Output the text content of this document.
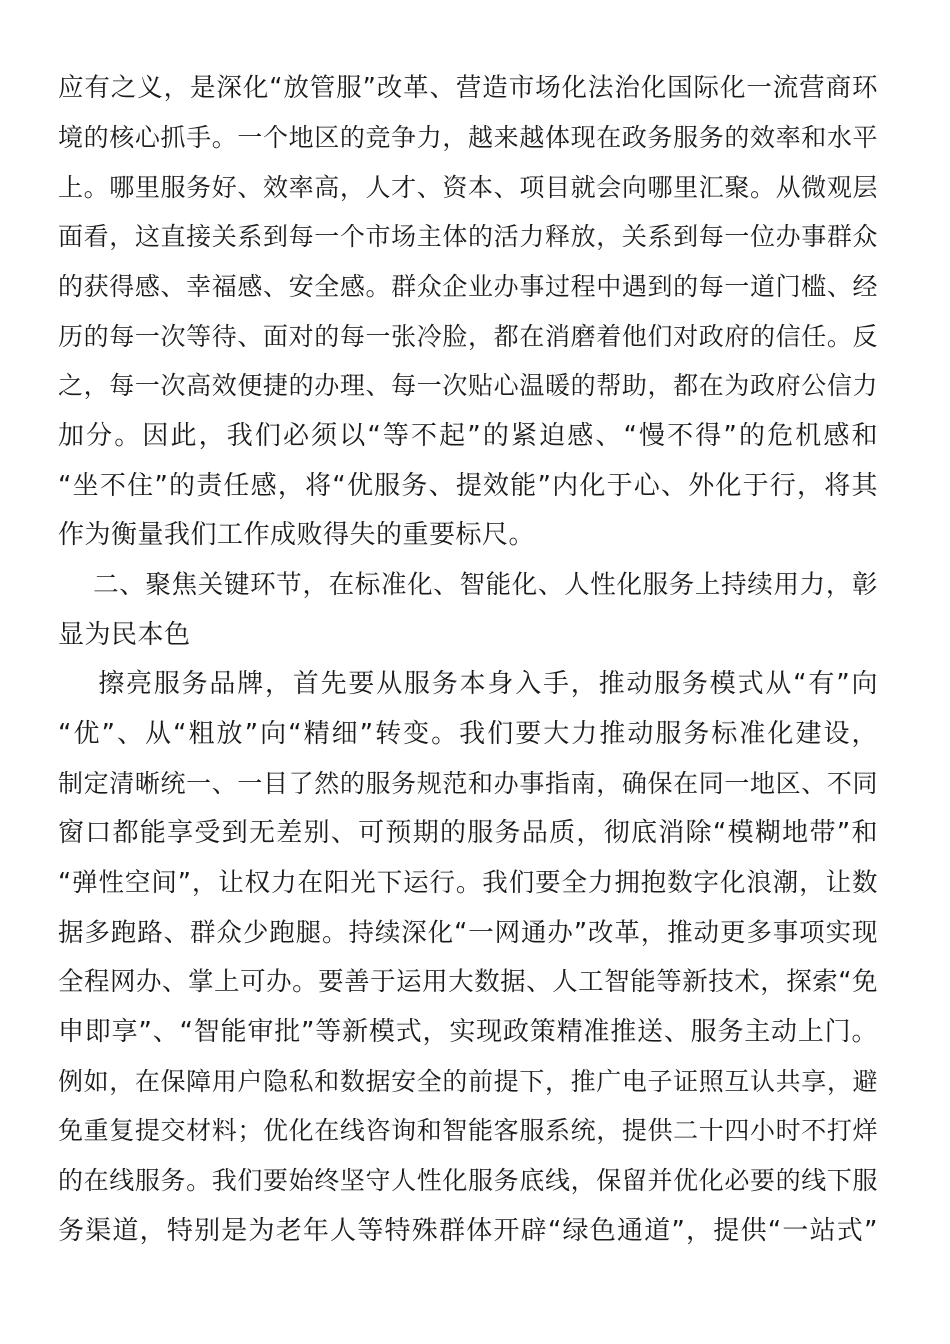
应有之义，是深化“放管服”改革、营造市场化法治化国际化一流营商环
境的核心抓手。一个地区的竞争力，越来越体现在政务服务的效率和水平
上。哪里服务好、效率高，人才、资本、项目就会向哪里汇聚。从微观层
面看，这直接关系到每一个市场主体的活力释放，关系到每一位办事群众
的获得感、幸福感、安全感。群众企业办事过程中遇到的每一道门槛、经
历的每一次等待、面对的每一张冷脸，都在消磨着他们对政府的信任。反
之，每一次高效便捷的办理、每一次贴心温暖的帮助，都在为政府公信力
加分。因此，我们必须以“等不起”的紧迫感、“慢不得”的危机感和
“坐不住”的责任感，将“优服务、提效能”内化于心、外化于行，将其
作为衡量我们工作成败得失的重要标尺。
二、聚焦关键环节，在标准化、智能化、人性化服务上持续用力，彰
显为民本色
擦亮服务品牌，首先要从服务本身入手，推动服务模式从“有”向
“优”、从“粗放”向“精细”转变。我们要大力推动服务标准化建设，
制定清晰统一、一目了然的服务规范和办事指南，确保在同一地区、不同
窗口都能享受到无差别、可预期的服务品质，彻底消除“模糊地带”和
“弹性空间”，让权力在阳光下运行。我们要全力拥抱数字化浪潮，让数
据多跑路、群众少跑腿。持续深化“一网通办”改革，推动更多事项实现
全程网办、掌上可办。要善于运用大数据、人工智能等新技术，探索“免
申即享”、“智能审批”等新模式，实现政策精准推送、服务主动上门。
例如，在保障用户隐私和数据安全的前提下，推广电子证照互认共享，避
免重复提交材料；优化在线咨询和智能客服系统，提供二十四小时不打烊
的在线服务。我们要始终坚守人性化服务底线，保留并优化必要的线下服
务渠道，特别是为老年人等特殊群体开辟“绿色通道”，提供“一站式”
